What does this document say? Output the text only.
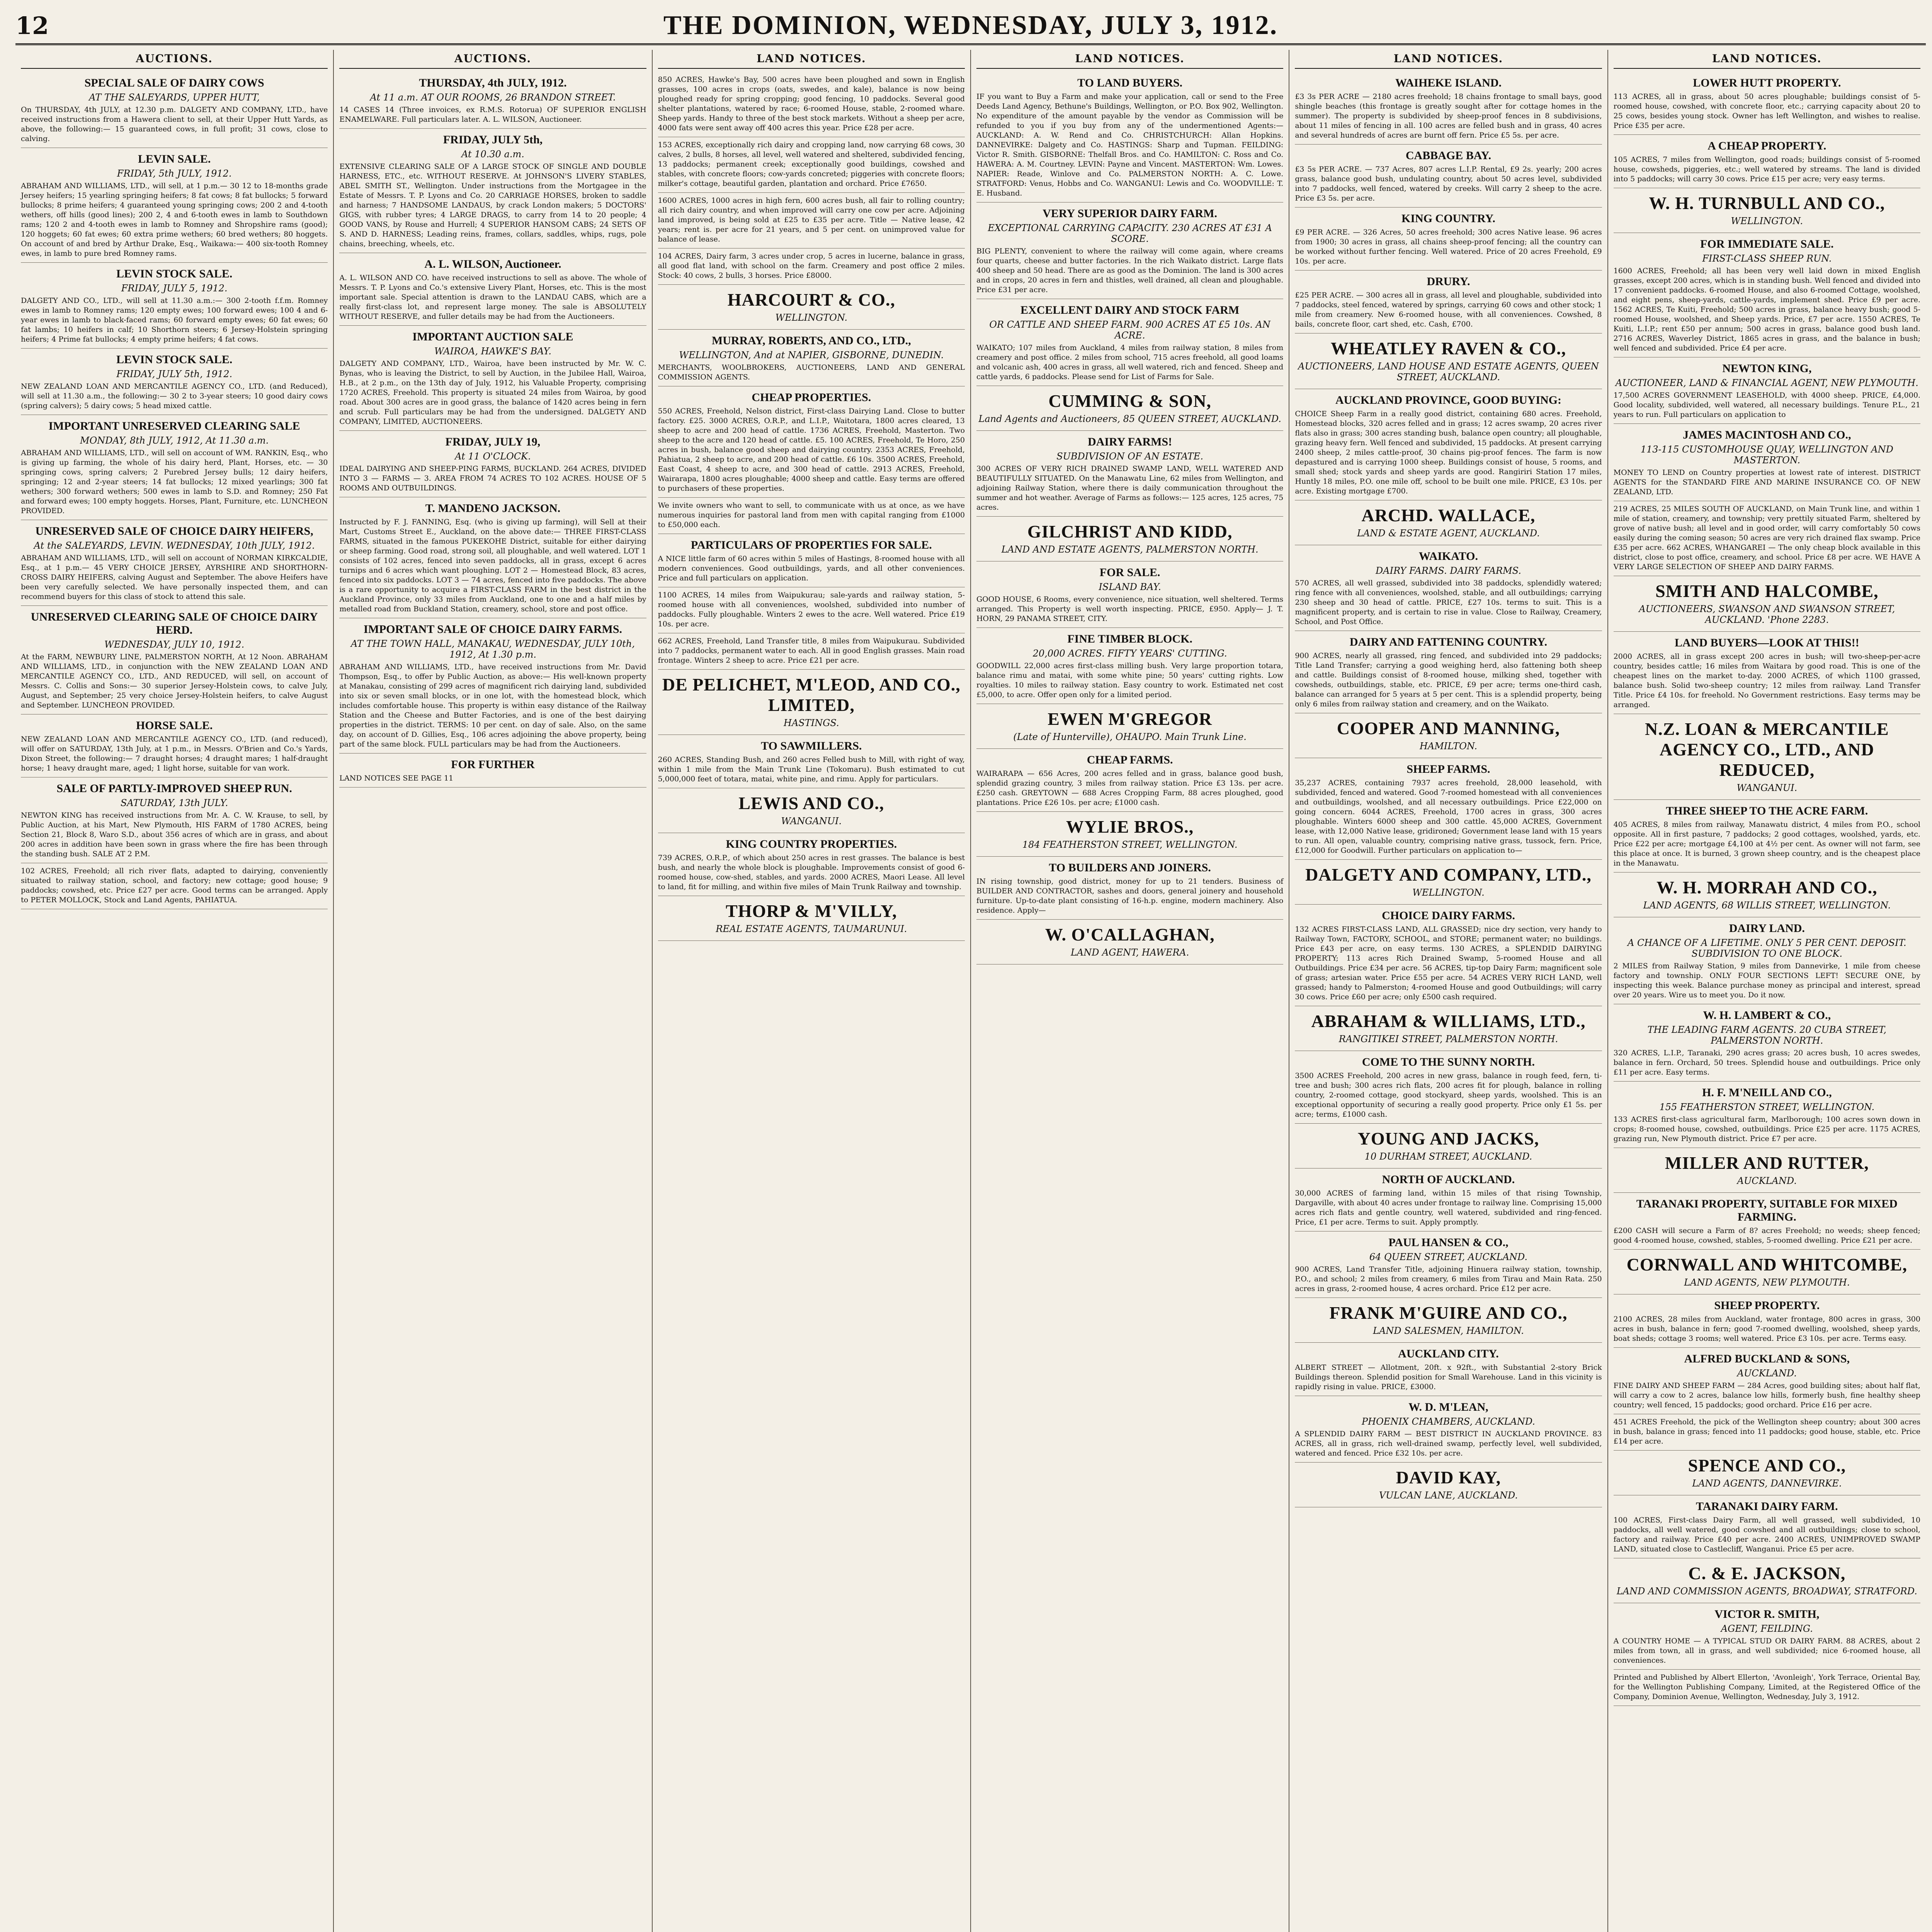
12	THE DOMINION, WEDNESDAY, JULY 3, 1912.
AUCTIONS.
SPECIAL SALE OF DAIRY COWS
AT THE SALEYARDS, UPPER HUTT,
On THURSDAY, 4th JULY, at 12.30 p.m. DALGETY AND COMPANY, LTD., have received instructions from a Hawera client to sell, at their Upper Hutt Yards, as above, the following:— 15 guaranteed cows, in full profit; 31 cows, close to calving.
LEVIN SALE.
FRIDAY, 5th JULY, 1912.
ABRAHAM AND WILLIAMS, LTD., will sell, at 1 p.m.— 30 12 to 18-months grade Jersey heifers; 15 yearling springing heifers; 8 fat cows; 8 fat bullocks; 5 forward bullocks; 8 prime heifers; 4 guaranteed young springing cows; 200 2 and 4-tooth wethers, off hills (good lines); 200 2, 4 and 6-tooth ewes in lamb to Southdown rams; 120 2 and 4-tooth ewes in lamb to Romney and Shropshire rams (good); 120 hoggets; 60 fat ewes; 60 extra prime wethers; 60 bred wethers; 80 hoggets. On account of and bred by Arthur Drake, Esq., Waikawa:— 400 six-tooth Romney ewes, in lamb to pure bred Romney rams.
LEVIN STOCK SALE.
FRIDAY, JULY 5, 1912.
DALGETY AND CO., LTD., will sell at 11.30 a.m.:— 300 2-tooth f.f.m. Romney ewes in lamb to Romney rams; 120 empty ewes; 100 forward ewes; 100 4 and 6-year ewes in lamb to black-faced rams; 60 forward empty ewes; 60 fat ewes; 60 fat lambs; 10 heifers in calf; 10 Shorthorn steers; 6 Jersey-Holstein springing heifers; 4 Prime fat bullocks; 4 empty prime heifers; 4 fat cows.
LEVIN STOCK SALE.
FRIDAY, JULY 5th, 1912.
NEW ZEALAND LOAN AND MERCANTILE AGENCY CO., LTD. (and Reduced), will sell at 11.30 a.m., the following:— 30 2 to 3-year steers; 10 good dairy cows (spring calvers); 5 dairy cows; 5 head mixed cattle.
IMPORTANT UNRESERVED CLEARING SALE
MONDAY, 8th JULY, 1912, At 11.30 a.m.
ABRAHAM AND WILLIAMS, LTD., will sell on account of WM. RANKIN, Esq., who is giving up farming, the whole of his dairy herd, Plant, Horses, etc. — 30 springing cows, spring calvers; 2 Purebred Jersey bulls; 12 dairy heifers, springing; 12 and 2-year steers; 14 fat bullocks; 12 mixed yearlings; 300 fat wethers; 300 forward wethers; 500 ewes in lamb to S.D. and Romney; 250 Fat and forward ewes; 100 empty hoggets. Horses, Plant, Furniture, etc. LUNCHEON PROVIDED.
UNRESERVED SALE OF CHOICE DAIRY HEIFERS,
At the SALEYARDS, LEVIN. WEDNESDAY, 10th JULY, 1912.
ABRAHAM AND WILLIAMS, LTD., will sell on account of NORMAN KIRKCALDIE, Esq., at 1 p.m.— 45 VERY CHOICE JERSEY, AYRSHIRE AND SHORTHORN-CROSS DAIRY HEIFERS, calving August and September. The above Heifers have been very carefully selected. We have personally inspected them, and can recommend buyers for this class of stock to attend this sale.
UNRESERVED CLEARING SALE OF CHOICE DAIRY HERD.
WEDNESDAY, JULY 10, 1912.
At the FARM, NEWBURY LINE, PALMERSTON NORTH, At 12 Noon. ABRAHAM AND WILLIAMS, LTD., in conjunction with the NEW ZEALAND LOAN AND MERCANTILE AGENCY CO., LTD., AND REDUCED, will sell, on account of Messrs. C. Collis and Sons:— 30 superior Jersey-Holstein cows, to calve July, August, and September; 25 very choice Jersey-Holstein heifers, to calve August and September. LUNCHEON PROVIDED.
HORSE SALE.
NEW ZEALAND LOAN AND MERCANTILE AGENCY CO., LTD. (and reduced), will offer on SATURDAY, 13th July, at 1 p.m., in Messrs. O'Brien and Co.'s Yards, Dixon Street, the following:— 7 draught horses; 4 draught mares; 1 half-draught horse; 1 heavy draught mare, aged; 1 light horse, suitable for van work.
SALE OF PARTLY-IMPROVED SHEEP RUN.
SATURDAY, 13th JULY.
NEWTON KING has received instructions from Mr. A. C. W. Krause, to sell, by Public Auction, at his Mart, New Plymouth, HIS FARM of 1780 ACRES, being Section 21, Block 8, Waro S.D., about 356 acres of which are in grass, and about 200 acres in addition have been sown in grass where the fire has been through the standing bush. SALE AT 2 P.M.
102 ACRES, Freehold; all rich river flats, adapted to dairying, conveniently situated to railway station, school, and factory; new cottage; good house; 9 paddocks; cowshed, etc. Price £27 per acre. Good terms can be arranged. Apply to PETER MOLLOCK, Stock and Land Agents, PAHIATUA.
AUCTIONS.
THURSDAY, 4th JULY, 1912.
At 11 a.m. AT OUR ROOMS, 26 BRANDON STREET.
14 CASES 14 (Three invoices, ex R.M.S. Rotorua) OF SUPERIOR ENGLISH ENAMELWARE. Full particulars later. A. L. WILSON, Auctioneer.
FRIDAY, JULY 5th,
At 10.30 a.m.
EXTENSIVE CLEARING SALE OF A LARGE STOCK OF SINGLE AND DOUBLE HARNESS, ETC., etc. WITHOUT RESERVE. At JOHNSON'S LIVERY STABLES, ABEL SMITH ST., Wellington. Under instructions from the Mortgagee in the Estate of Messrs. T. P. Lyons and Co. 20 CARRIAGE HORSES, broken to saddle and harness; 7 HANDSOME LANDAUS, by crack London makers; 5 DOCTORS' GIGS, with rubber tyres; 4 LARGE DRAGS, to carry from 14 to 20 people; 4 GOOD VANS, by Rouse and Hurrell; 4 SUPERIOR HANSOM CABS; 24 SETS OF S. AND D. HARNESS; Leading reins, frames, collars, saddles, whips, rugs, pole chains, breeching, wheels, etc.
A. L. WILSON, Auctioneer.
A. L. WILSON AND CO. have received instructions to sell as above. The whole of Messrs. T. P. Lyons and Co.'s extensive Livery Plant, Horses, etc. This is the most important sale. Special attention is drawn to the LANDAU CABS, which are a really first-class lot, and represent large money. The sale is ABSOLUTELY WITHOUT RESERVE, and fuller details may be had from the Auctioneers.
IMPORTANT AUCTION SALE
WAIROA, HAWKE'S BAY.
DALGETY AND COMPANY, LTD., Wairoa, have been instructed by Mr. W. C. Bynas, who is leaving the District, to sell by Auction, in the Jubilee Hall, Wairoa, H.B., at 2 p.m., on the 13th day of July, 1912, his Valuable Property, comprising 1720 ACRES, Freehold. This property is situated 24 miles from Wairoa, by good road. About 300 acres are in good grass, the balance of 1420 acres being in fern and scrub. Full particulars may be had from the undersigned. DALGETY AND COMPANY, LIMITED, AUCTIONEERS.
FRIDAY, JULY 19,
At 11 O'CLOCK.
IDEAL DAIRYING AND SHEEP-PING FARMS, BUCKLAND. 264 ACRES, DIVIDED INTO 3 — FARMS — 3. AREA FROM 74 ACRES TO 102 ACRES. HOUSE OF 5 ROOMS AND OUTBUILDINGS.
T. MANDENO JACKSON.
Instructed by F. J. FANNING, Esq. (who is giving up farming), will Sell at their Mart, Customs Street E., Auckland, on the above date:— THREE FIRST-CLASS FARMS, situated in the famous PUKEKOHE District, suitable for either dairying or sheep farming. Good road, strong soil, all ploughable, and well watered. LOT 1 consists of 102 acres, fenced into seven paddocks, all in grass, except 6 acres turnips and 6 acres which want ploughing. LOT 2 — Homestead Block, 83 acres, fenced into six paddocks. LOT 3 — 74 acres, fenced into five paddocks. The above is a rare opportunity to acquire a FIRST-CLASS FARM in the best district in the Auckland Province, only 33 miles from Auckland, one to one and a half miles by metalled road from Buckland Station, creamery, school, store and post office.
IMPORTANT SALE OF CHOICE DAIRY FARMS.
AT THE TOWN HALL, MANAKAU, WEDNESDAY, JULY 10th, 1912, At 1.30 p.m.
ABRAHAM AND WILLIAMS, LTD., have received instructions from Mr. David Thompson, Esq., to offer by Public Auction, as above:— His well-known property at Manakau, consisting of 299 acres of magnificent rich dairying land, subdivided into six or seven small blocks, or in one lot, with the homestead block, which includes comfortable house. This property is within easy distance of the Railway Station and the Cheese and Butter Factories, and is one of the best dairying properties in the district. TERMS: 10 per cent. on day of sale. Also, on the same day, on account of D. Gillies, Esq., 106 acres adjoining the above property, being part of the same block. FULL particulars may be had from the Auctioneers.
FOR FURTHER
LAND NOTICES SEE PAGE 11
LAND NOTICES.
850 ACRES, Hawke's Bay, 500 acres have been ploughed and sown in English grasses, 100 acres in crops (oats, swedes, and kale), balance is now being ploughed ready for spring cropping; good fencing, 10 paddocks. Several good shelter plantations, watered by race; 6-roomed House, stable, 2-roomed whare. Sheep yards. Handy to three of the best stock markets. Without a sheep per acre, 4000 fats were sent away off 400 acres this year. Price £28 per acre.
153 ACRES, exceptionally rich dairy and cropping land, now carrying 68 cows, 30 calves, 2 bulls, 8 horses, all level, well watered and sheltered, subdivided fencing, 13 paddocks; permanent creek; exceptionally good buildings, cowshed and stables, with concrete floors; cow-yards concreted; piggeries with concrete floors; milker's cottage, beautiful garden, plantation and orchard. Price £7650.
1600 ACRES, 1000 acres in high fern, 600 acres bush, all fair to rolling country; all rich dairy country, and when improved will carry one cow per acre. Adjoining land improved, is being sold at £25 to £35 per acre. Title — Native lease, 42 years; rent is. per acre for 21 years, and 5 per cent. on unimproved value for balance of lease.
104 ACRES, Dairy farm, 3 acres under crop, 5 acres in lucerne, balance in grass, all good flat land, with school on the farm. Creamery and post office 2 miles. Stock: 40 cows, 2 bulls, 3 horses. Price £8000.
HARCOURT & CO.,
WELLINGTON.
MURRAY, ROBERTS, AND CO., LTD.,
WELLINGTON, And at NAPIER, GISBORNE, DUNEDIN.
MERCHANTS, WOOLBROKERS, AUCTIONEERS, LAND AND GENERAL COMMISSION AGENTS.
CHEAP PROPERTIES.
550 ACRES, Freehold, Nelson district, First-class Dairying Land. Close to butter factory. £25. 3000 ACRES, O.R.P., and L.I.P., Waitotara, 1800 acres cleared, 13 sheep to acre and 200 head of cattle. 1736 ACRES, Freehold, Masterton. Two sheep to the acre and 120 head of cattle. £5. 100 ACRES, Freehold, Te Horo, 250 acres in bush, balance good sheep and dairying country. 2353 ACRES, Freehold, Pahiatua, 2 sheep to acre, and 200 head of cattle. £6 10s. 3500 ACRES, Freehold, East Coast, 4 sheep to acre, and 300 head of cattle. 2913 ACRES, Freehold, Wairarapa, 1800 acres ploughable; 4000 sheep and cattle. Easy terms are offered to purchasers of these properties.
We invite owners who want to sell, to communicate with us at once, as we have numerous inquiries for pastoral land from men with capital ranging from £1000 to £50,000 each.
PARTICULARS OF PROPERTIES FOR SALE.
A NICE little farm of 60 acres within 5 miles of Hastings, 8-roomed house with all modern conveniences. Good outbuildings, yards, and all other conveniences. Price and full particulars on application.
1100 ACRES, 14 miles from Waipukurau; sale-yards and railway station, 5-roomed house with all conveniences, woolshed, subdivided into number of paddocks. Fully ploughable. Winters 2 ewes to the acre. Well watered. Price £19 10s. per acre.
662 ACRES, Freehold, Land Transfer title, 8 miles from Waipukurau. Subdivided into 7 paddocks, permanent water to each. All in good English grasses. Main road frontage. Winters 2 sheep to acre. Price £21 per acre.
DE PELICHET, M'LEOD, AND CO., LIMITED,
HASTINGS.
TO SAWMILLERS.
260 ACRES, Standing Bush, and 260 acres Felled bush to Mill, with right of way, within 1 mile from the Main Trunk Line (Tokomaru). Bush estimated to cut 5,000,000 feet of totara, matai, white pine, and rimu. Apply for particulars.
LEWIS AND CO.,
WANGANUI.
KING COUNTRY PROPERTIES.
739 ACRES, O.R.P., of which about 250 acres in rest grasses. The balance is best bush, and nearly the whole block is ploughable. Improvements consist of good 6-roomed house, cow-shed, stables, and yards. 2000 ACRES, Maori Lease. All level to land, fit for milling, and within five miles of Main Trunk Railway and township.
THORP & M'VILLY,
REAL ESTATE AGENTS, TAUMARUNUI.
LAND NOTICES.
TO LAND BUYERS.
IF you want to Buy a Farm and make your application, call or send to the Free Deeds Land Agency, Bethune's Buildings, Wellington, or P.O. Box 902, Wellington. No expenditure of the amount payable by the vendor as Commission will be refunded to you if you buy from any of the undermentioned Agents:— AUCKLAND: A. W. Rend and Co. CHRISTCHURCH: Allan Hopkins. DANNEVIRKE: Dalgety and Co. HASTINGS: Sharp and Tupman. FEILDING: Victor R. Smith. GISBORNE: Thelfall Bros. and Co. HAMILTON: C. Ross and Co. HAWERA: A. M. Courtney. LEVIN: Payne and Vincent. MASTERTON: Wm. Lowes. NAPIER: Reade, Winlove and Co. PALMERSTON NORTH: A. C. Lowe. STRATFORD: Venus, Hobbs and Co. WANGANUI: Lewis and Co. WOODVILLE: T. E. Husband.
VERY SUPERIOR DAIRY FARM.
EXCEPTIONAL CARRYING CAPACITY. 230 ACRES AT £31 A SCORE.
BIG PLENTY, convenient to where the railway will come again, where creams four quarts, cheese and butter factories. In the rich Waikato district. Large flats 400 sheep and 50 head. There are as good as the Dominion. The land is 300 acres and in crops, 20 acres in fern and thistles, well drained, all clean and ploughable. Price £31 per acre.
EXCELLENT DAIRY AND STOCK FARM
OR CATTLE AND SHEEP FARM. 900 ACRES AT £5 10s. AN ACRE.
WAIKATO; 107 miles from Auckland, 4 miles from railway station, 8 miles from creamery and post office. 2 miles from school, 715 acres freehold, all good loams and volcanic ash, 400 acres in grass, all well watered, rich and fenced. Sheep and cattle yards, 6 paddocks. Please send for List of Farms for Sale.
CUMMING & SON,
Land Agents and Auctioneers, 85 QUEEN STREET, AUCKLAND.
DAIRY FARMS!
SUBDIVISION OF AN ESTATE.
300 ACRES OF VERY RICH DRAINED SWAMP LAND, WELL WATERED AND BEAUTIFULLY SITUATED. On the Manawatu Line, 62 miles from Wellington, and adjoining Railway Station, where there is daily communication throughout the summer and hot weather. Average of Farms as follows:— 125 acres, 125 acres, 75 acres.
GILCHRIST AND KIDD,
LAND AND ESTATE AGENTS, PALMERSTON NORTH.
FOR SALE.
ISLAND BAY.
GOOD HOUSE, 6 Rooms, every convenience, nice situation, well sheltered. Terms arranged. This Property is well worth inspecting. PRICE, £950. Apply— J. T. HORN, 29 PANAMA STREET, CITY.
FINE TIMBER BLOCK.
20,000 ACRES. FIFTY YEARS' CUTTING.
GOODWILL 22,000 acres first-class milling bush. Very large proportion totara, balance rimu and matai, with some white pine; 50 years' cutting rights. Low royalties. 10 miles to railway station. Easy country to work. Estimated net cost £5,000, to acre. Offer open only for a limited period.
EWEN M'GREGOR
(Late of Hunterville), OHAUPO. Main Trunk Line.
CHEAP FARMS.
WAIRARAPA — 656 Acres, 200 acres felled and in grass, balance good bush, splendid grazing country, 3 miles from railway station. Price £3 13s. per acre. £250 cash. GREYTOWN — 688 Acres Cropping Farm, 88 acres ploughed, good plantations. Price £26 10s. per acre; £1000 cash.
WYLIE BROS.,
184 FEATHERSTON STREET, WELLINGTON.
TO BUILDERS AND JOINERS.
IN rising township, good district, money for up to 21 tenders. Business of BUILDER AND CONTRACTOR, sashes and doors, general joinery and household furniture. Up-to-date plant consisting of 16-h.p. engine, modern machinery. Also residence. Apply—
W. O'CALLAGHAN,
LAND AGENT, HAWERA.
LAND NOTICES.
WAIHEKE ISLAND.
£3 3s PER ACRE — 2180 acres freehold; 18 chains frontage to small bays, good shingle beaches (this frontage is greatly sought after for cottage homes in the summer). The property is subdivided by sheep-proof fences in 8 subdivisions, about 11 miles of fencing in all. 100 acres are felled bush and in grass, 40 acres and several hundreds of acres are burnt off fern. Price £5 5s. per acre.
CABBAGE BAY.
£3 5s PER ACRE. — 737 Acres, 807 acres L.I.P. Rental, £9 2s. yearly; 200 acres grass, balance good bush, undulating country, about 50 acres level, subdivided into 7 paddocks, well fenced, watered by creeks. Will carry 2 sheep to the acre. Price £3 5s. per acre.
KING COUNTRY.
£9 PER ACRE. — 326 Acres, 50 acres freehold; 300 acres Native lease. 96 acres from 1900; 30 acres in grass, all chains sheep-proof fencing; all the country can be worked without further fencing. Well watered. Price of 20 acres Freehold, £9 10s. per acre.
DRURY.
£25 PER ACRE. — 300 acres all in grass, all level and ploughable, subdivided into 7 paddocks, steel fenced, watered by springs, carrying 60 cows and other stock; 1 mile from creamery. New 6-roomed house, with all conveniences. Cowshed, 8 bails, concrete floor, cart shed, etc. Cash, £700.
WHEATLEY RAVEN & CO.,
AUCTIONEERS, LAND HOUSE AND ESTATE AGENTS, QUEEN STREET, AUCKLAND.
AUCKLAND PROVINCE, GOOD BUYING:
CHOICE Sheep Farm in a really good district, containing 680 acres. Freehold, Homestead blocks, 320 acres felled and in grass; 12 acres swamp, 20 acres river flats also in grass; 300 acres standing bush, balance open country; all ploughable, grazing heavy fern. Well fenced and subdivided, 15 paddocks. At present carrying 2400 sheep, 2 miles cattle-proof, 30 chains pig-proof fences. The farm is now depastured and is carrying 1000 sheep. Buildings consist of house, 5 rooms, and small shed; stock yards and sheep yards are good. Rangiriri Station 17 miles, Huntly 18 miles, P.O. one mile off, school to be built one mile. PRICE, £3 10s. per acre. Existing mortgage £700.
ARCHD. WALLACE,
LAND & ESTATE AGENT, AUCKLAND.
WAIKATO.
DAIRY FARMS. DAIRY FARMS.
570 ACRES, all well grassed, subdivided into 38 paddocks, splendidly watered; ring fence with all conveniences, woolshed, stable, and all outbuildings; carrying 230 sheep and 30 head of cattle. PRICE, £27 10s. terms to suit. This is a magnificent property, and is certain to rise in value. Close to Railway, Creamery, School, and Post Office.
DAIRY AND FATTENING COUNTRY.
900 ACRES, nearly all grassed, ring fenced, and subdivided into 29 paddocks; Title Land Transfer; carrying a good weighing herd, also fattening both sheep and cattle. Buildings consist of 8-roomed house, milking shed, together with cowsheds, outbuildings, stable, etc. PRICE, £9 per acre; terms one-third cash, balance can arranged for 5 years at 5 per cent. This is a splendid property, being only 6 miles from railway station and creamery, and on the Waikato.
COOPER AND MANNING,
HAMILTON.
SHEEP FARMS.
35,237 ACRES, containing 7937 acres freehold, 28,000 leasehold, with subdivided, fenced and watered. Good 7-roomed homestead with all conveniences and outbuildings, woolshed, and all necessary outbuildings. Price £22,000 on going concern. 6044 ACRES, Freehold, 1700 acres in grass, 300 acres ploughable. Winters 6000 sheep and 300 cattle. 45,000 ACRES, Government lease, with 12,000 Native lease, gridironed; Government lease land with 15 years to run. All open, valuable country, comprising native grass, tussock, fern. Price, £12,000 for Goodwill. Further particulars on application to—
DALGETY AND COMPANY, LTD.,
WELLINGTON.
CHOICE DAIRY FARMS.
132 ACRES FIRST-CLASS LAND, ALL GRASSED; nice dry section, very handy to Railway Town, FACTORY, SCHOOL, and STORE; permanent water; no buildings. Price £43 per acre, on easy terms. 130 ACRES, a SPLENDID DAIRYING PROPERTY; 113 acres Rich Drained Swamp, 5-roomed House and all Outbuildings. Price £34 per acre. 56 ACRES, tip-top Dairy Farm; magnificent sole of grass; artesian water. Price £55 per acre. 54 ACRES VERY RICH LAND, well grassed; handy to Palmerston; 4-roomed House and good Outbuildings; will carry 30 cows. Price £60 per acre; only £500 cash required.
ABRAHAM & WILLIAMS, LTD.,
RANGITIKEI STREET, PALMERSTON NORTH.
COME TO THE SUNNY NORTH.
3500 ACRES Freehold, 200 acres in new grass, balance in rough feed, fern, ti-tree and bush; 300 acres rich flats, 200 acres fit for plough, balance in rolling country, 2-roomed cottage, good stockyard, sheep yards, woolshed. This is an exceptional opportunity of securing a really good property. Price only £1 5s. per acre; terms, £1000 cash.
YOUNG AND JACKS,
10 DURHAM STREET, AUCKLAND.
NORTH OF AUCKLAND.
30,000 ACRES of farming land, within 15 miles of that rising Township, Dargaville, with about 40 acres under frontage to railway line. Comprising 15,000 acres rich flats and gentle country, well watered, subdivided and ring-fenced. Price, £1 per acre. Terms to suit. Apply promptly.
PAUL HANSEN & CO.,
64 QUEEN STREET, AUCKLAND.
900 ACRES, Land Transfer Title, adjoining Hinuera railway station, township, P.O., and school; 2 miles from creamery, 6 miles from Tirau and Main Rata. 250 acres in grass, 2-roomed house, 4 acres orchard. Price £12 per acre.
FRANK M'GUIRE AND CO.,
LAND SALESMEN, HAMILTON.
AUCKLAND CITY.
ALBERT STREET — Allotment, 20ft. x 92ft., with Substantial 2-story Brick Buildings thereon. Splendid position for Small Warehouse. Land in this vicinity is rapidly rising in value. PRICE, £3000.
W. D. M'LEAN,
PHOENIX CHAMBERS, AUCKLAND.
A SPLENDID DAIRY FARM — BEST DISTRICT IN AUCKLAND PROVINCE. 83 ACRES, all in grass, rich well-drained swamp, perfectly level, well subdivided, watered and fenced. Price £32 10s. per acre.
DAVID KAY,
VULCAN LANE, AUCKLAND.
LAND NOTICES.
LOWER HUTT PROPERTY.
113 ACRES, all in grass, about 50 acres ploughable; buildings consist of 5-roomed house, cowshed, with concrete floor, etc.; carrying capacity about 20 to 25 cows, besides young stock. Owner has left Wellington, and wishes to realise. Price £35 per acre.
A CHEAP PROPERTY.
105 ACRES, 7 miles from Wellington, good roads; buildings consist of 5-roomed house, cowsheds, piggeries, etc.; well watered by streams. The land is divided into 5 paddocks; will carry 30 cows. Price £15 per acre; very easy terms.
W. H. TURNBULL AND CO.,
WELLINGTON.
FOR IMMEDIATE SALE.
FIRST-CLASS SHEEP RUN.
1600 ACRES, Freehold; all has been very well laid down in mixed English grasses, except 200 acres, which is in standing bush. Well fenced and divided into 17 convenient paddocks. 6-roomed House, and also 6-roomed Cottage, woolshed, and eight pens, sheep-yards, cattle-yards, implement shed. Price £9 per acre. 1562 ACRES, Te Kuiti, Freehold; 500 acres in grass, balance heavy bush; good 5-roomed House, woolshed, and Sheep yards. Price, £7 per acre. 1550 ACRES, Te Kuiti, L.I.P.; rent £50 per annum; 500 acres in grass, balance good bush land. 2716 ACRES, Waverley District, 1865 acres in grass, and the balance in bush; well fenced and subdivided. Price £4 per acre.
NEWTON KING,
AUCTIONEER, LAND & FINANCIAL AGENT, NEW PLYMOUTH.
17,500 ACRES GOVERNMENT LEASEHOLD, with 4000 sheep. PRICE, £4,000. Good locality, subdivided, well watered, all necessary buildings. Tenure P.L., 21 years to run. Full particulars on application to
JAMES MACINTOSH AND CO.,
113-115 CUSTOMHOUSE QUAY, WELLINGTON AND MASTERTON.
MONEY TO LEND on Country properties at lowest rate of interest. DISTRICT AGENTS for the STANDARD FIRE AND MARINE INSURANCE CO. OF NEW ZEALAND, LTD.
219 ACRES, 25 MILES SOUTH OF AUCKLAND, on Main Trunk line, and within 1 mile of station, creamery, and township; very prettily situated Farm, sheltered by grove of native bush; all level and in good order, will carry comfortably 50 cows easily during the coming season; 50 acres are very rich drained flax swamp. Price £35 per acre. 662 ACRES, WHANGAREI — The only cheap block available in this district, close to post office, creamery, and school. Price £8 per acre. WE HAVE A VERY LARGE SELECTION OF SHEEP AND DAIRY FARMS.
SMITH AND HALCOMBE,
AUCTIONEERS, SWANSON AND SWANSON STREET, AUCKLAND. 'Phone 2283.
LAND BUYERS—LOOK AT THIS!!
2000 ACRES, all in grass except 200 acres in bush; will two-sheep-per-acre country, besides cattle; 16 miles from Waitara by good road. This is one of the cheapest lines on the market to-day. 2000 ACRES, of which 1100 grassed, balance bush. Solid two-sheep country; 12 miles from railway. Land Transfer Title. Price £4 10s. for freehold. No Government restrictions. Easy terms may be arranged.
N.Z. LOAN & MERCANTILE AGENCY CO., LTD., AND REDUCED,
WANGANUI.
THREE SHEEP TO THE ACRE FARM.
405 ACRES, 8 miles from railway, Manawatu district, 4 miles from P.O., school opposite. All in first pasture, 7 paddocks; 2 good cottages, woolshed, yards, etc. Price £22 per acre; mortgage £4,100 at 4½ per cent. As owner will not farm, see this place at once. It is burned, 3 grown sheep country, and is the cheapest place in the Manawatu.
W. H. MORRAH AND CO.,
LAND AGENTS, 68 WILLIS STREET, WELLINGTON.
DAIRY LAND.
A CHANCE OF A LIFETIME. ONLY 5 PER CENT. DEPOSIT. SUBDIVISION TO ONE BLOCK.
2 MILES from Railway Station, 9 miles from Dannevirke, 1 mile from cheese factory and township. ONLY FOUR SECTIONS LEFT! SECURE ONE, by inspecting this week. Balance purchase money as principal and interest, spread over 20 years. Wire us to meet you. Do it now.
W. H. LAMBERT & CO.,
THE LEADING FARM AGENTS. 20 CUBA STREET, PALMERSTON NORTH.
320 ACRES, L.I.P., Taranaki, 290 acres grass; 20 acres bush, 10 acres swedes, balance in fern. Orchard, 50 trees. Splendid house and outbuildings. Price only £11 per acre. Easy terms.
H. F. M'NEILL AND CO.,
155 FEATHERSTON STREET, WELLINGTON.
133 ACRES first-class agricultural farm, Marlborough; 100 acres sown down in crops; 8-roomed house, cowshed, outbuildings. Price £25 per acre. 1175 ACRES, grazing run, New Plymouth district. Price £7 per acre.
MILLER AND RUTTER,
AUCKLAND.
TARANAKI PROPERTY, SUITABLE FOR MIXED FARMING.
£200 CASH will secure a Farm of 8? acres Freehold; no weeds; sheep fenced; good 4-roomed house, cowshed, stables, 5-roomed dwelling. Price £21 per acre.
CORNWALL AND WHITCOMBE,
LAND AGENTS, NEW PLYMOUTH.
SHEEP PROPERTY.
2100 ACRES, 28 miles from Auckland, water frontage, 800 acres in grass, 300 acres in bush, balance in fern; good 7-roomed dwelling, woolshed, sheep yards, boat sheds; cottage 3 rooms; well watered. Price £3 10s. per acre. Terms easy.
ALFRED BUCKLAND & SONS,
AUCKLAND.
FINE DAIRY AND SHEEP FARM — 284 Acres, good building sites; about half flat, will carry a cow to 2 acres, balance low hills, formerly bush, fine healthy sheep country; well fenced, 15 paddocks; good orchard. Price £16 per acre.
451 ACRES Freehold, the pick of the Wellington sheep country; about 300 acres in bush, balance in grass; fenced into 11 paddocks; good house, stable, etc. Price £14 per acre.
SPENCE AND CO.,
LAND AGENTS, DANNEVIRKE.
TARANAKI DAIRY FARM.
100 ACRES, First-class Dairy Farm, all well grassed, well subdivided, 10 paddocks, all well watered, good cowshed and all outbuildings; close to school, factory and railway. Price £40 per acre. 2400 ACRES, UNIMPROVED SWAMP LAND, situated close to Castlecliff, Wanganui. Price £5 per acre.
C. & E. JACKSON,
LAND AND COMMISSION AGENTS, BROADWAY, STRATFORD.
VICTOR R. SMITH,
AGENT, FEILDING.
A COUNTRY HOME — A TYPICAL STUD OR DAIRY FARM. 88 ACRES, about 2 miles from town, all in grass, and well subdivided; nice 6-roomed house, all conveniences.
Printed and Published by Albert Ellerton, 'Avonleigh', York Terrace, Oriental Bay, for the Wellington Publishing Company, Limited, at the Registered Office of the Company, Dominion Avenue, Wellington, Wednesday, July 3, 1912.
